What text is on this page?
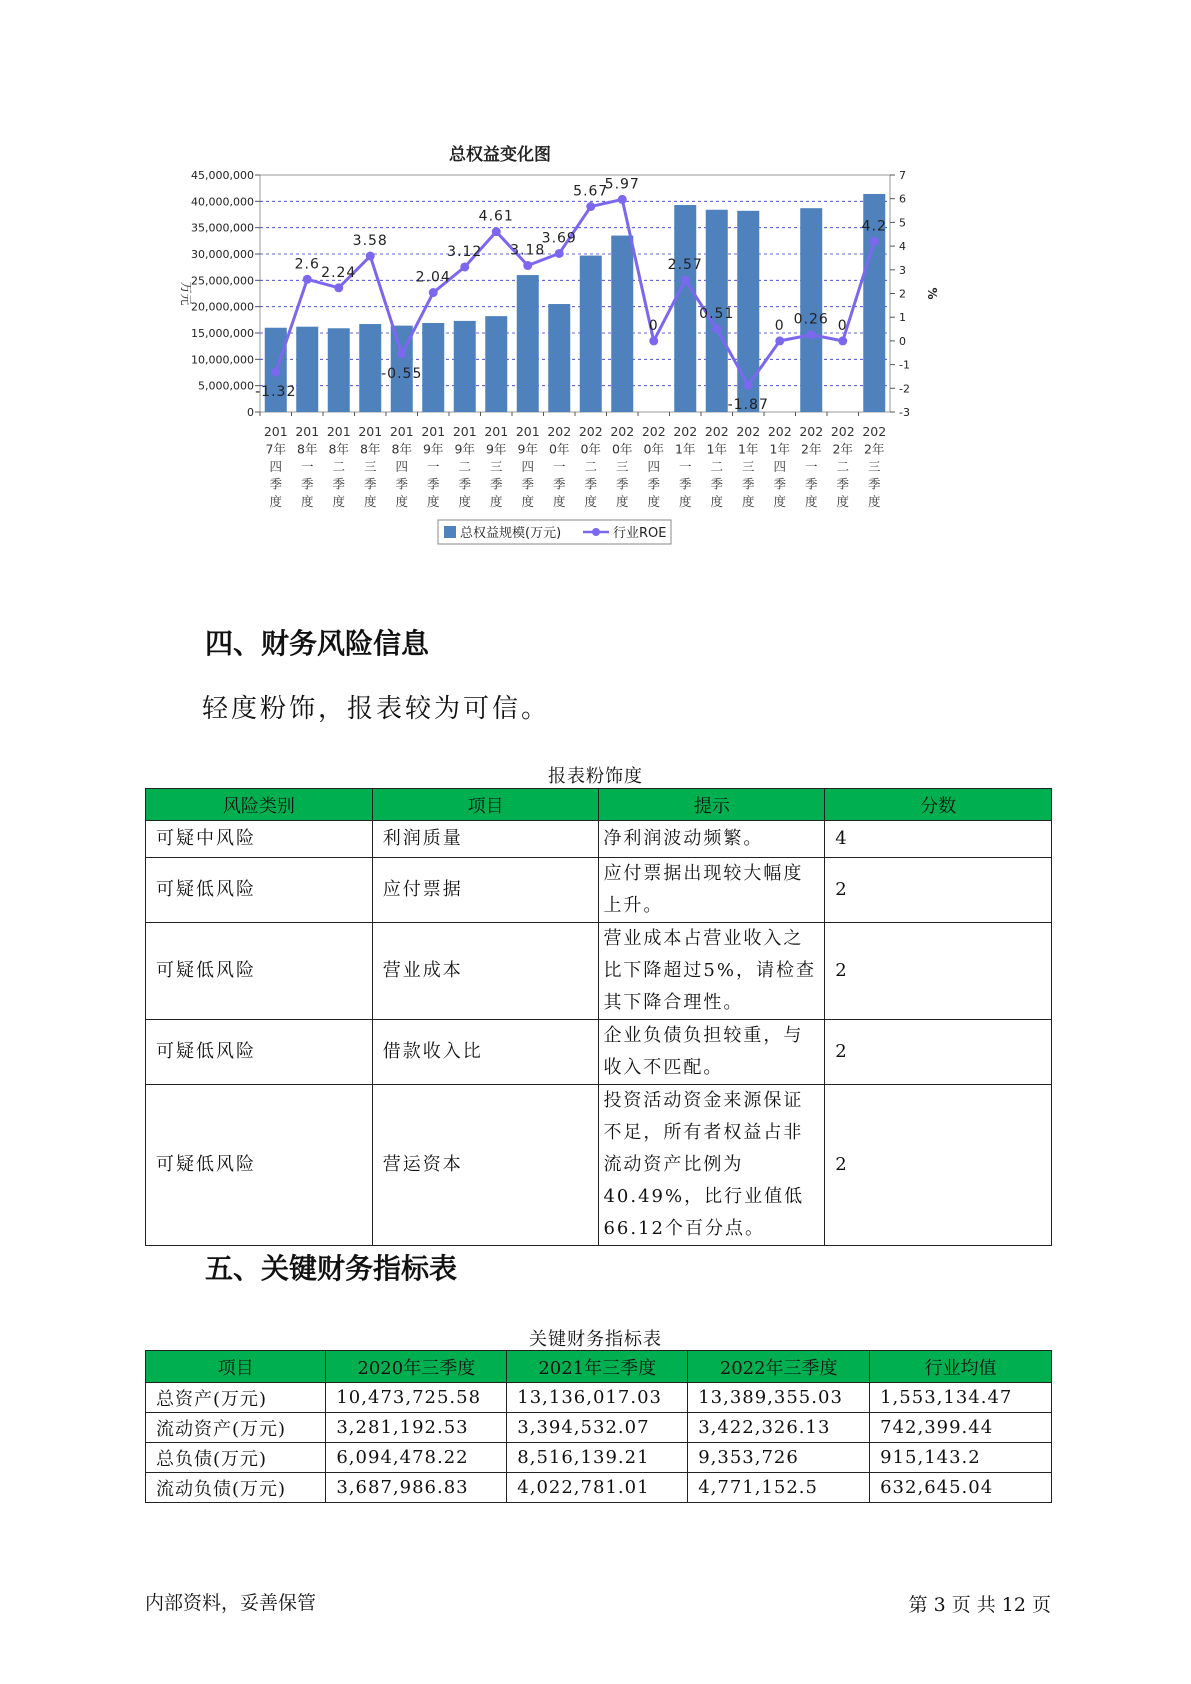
总权益变化图
45,000,000
40,000,000
35,000,000
30,000,000
25,000,000
20,000,000
15,000,000
10,000,000
5,000,000
0
7
6
5
4
3
2
1
0
-1
-2
-3
万元	%
201
7年
四
季
度
201
8年
一
季
度
201
8年
二
季
度
201
8年
三
季
度
201
8年
四
季
度
201
9年
一
季
度
201
9年
二
季
度
201
9年
三
季
度
201
9年
四
季
度
202
0年
一
季
度
202
0年
二
季
度
202
0年
三
季
度
202
0年
四
季
度
202
1年
一
季
度
202
1年
二
季
度
202
1年
三
季
度
202
1年
四
季
度
202
2年
一
季
度
202
2年
二
季
度
202
2年
三
季
度
-1.32
2.6
2.24
3.58
-0.55
2.04
3.12
4.61
3.18
3.69
5.67
5.97
0
2.57
0.51
-1.87
0 0.26 0
4.2
总权益规模(万元)	行业ROE
四、财务风险信息
轻度粉饰，报表较为可信。
报表粉饰度
风险类别	项目	提示	分数
可疑中风险	利润质量	净利润波动频繁。	4
可疑低风险	应付票据	应付票据出现较大幅度上升。	2
可疑低风险	营业成本	营业成本占营业收入之比下降超过5%，请检查其下降合理性。	2
可疑低风险	借款收入比	企业负债负担较重，与收入不匹配。	2
可疑低风险	营运资本	投资活动资金来源保证不足，所有者权益占非流动资产比例为40.49%，比行业值低66.12个百分点。	2
五、关键财务指标表
关键财务指标表
项目	2020年三季度	2021年三季度	2022年三季度	行业均值
总资产(万元)	10,473,725.58	13,136,017.03	13,389,355.03	1,553,134.47
流动资产(万元)	3,281,192.53	3,394,532.07	3,422,326.13	742,399.44
总负债(万元)	6,094,478.22	8,516,139.21	9,353,726	915,143.2
流动负债(万元)	3,687,986.83	4,022,781.01	4,771,152.5	632,645.04
内部资料，妥善保管	第 3 页 共 12 页
